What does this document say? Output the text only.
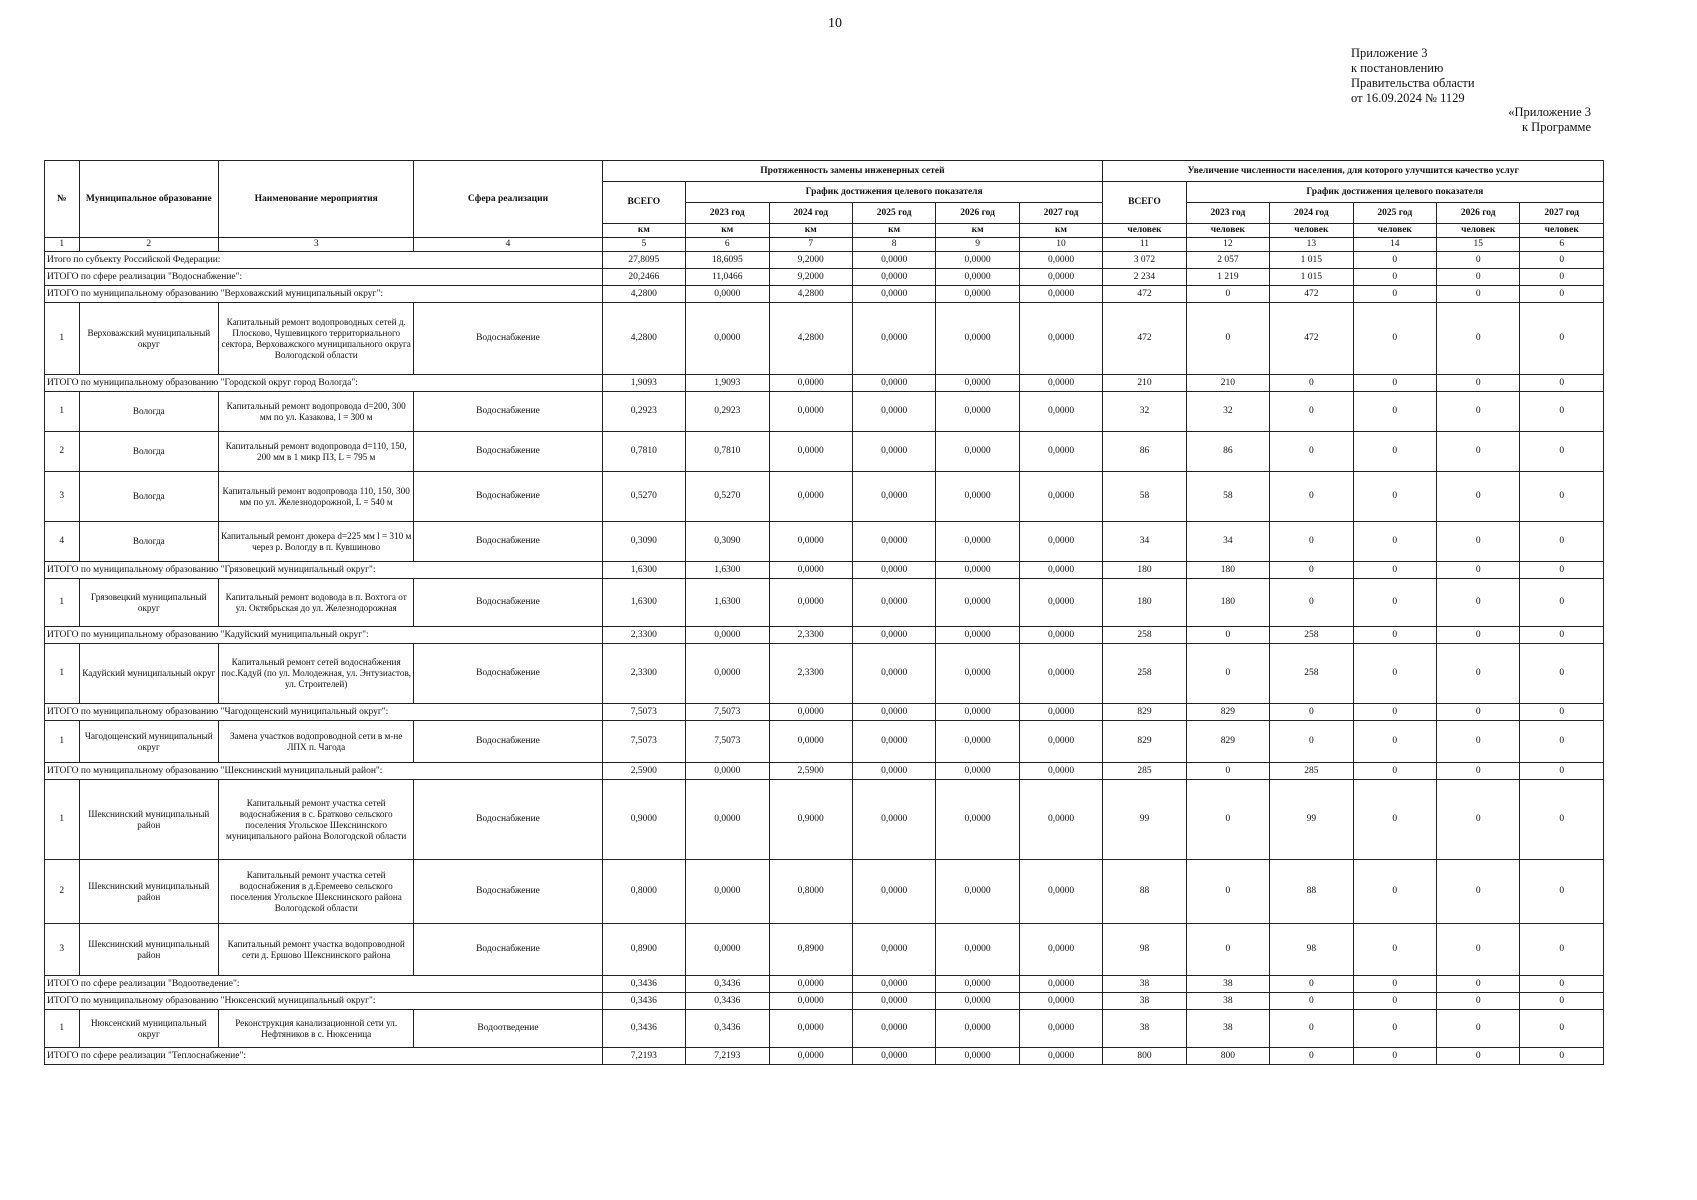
10
Приложение 3
к постановлению
Правительства области
от 16.09.2024 № 1129
«Приложение 3
к Программе
№	Муниципальное образование	Наименование мероприятия	Сфера реализации	Протяженность замены инженерных сетей						Увеличение численности населения, для которого улучшится качество услуг					
				ВСЕГО	График достижения целевого показателя					ВСЕГО	График достижения целевого показателя				
					2023 год	2024 год	2025 год	2026 год	2027 год		2023 год	2024 год	2025 год	2026 год	2027 год
				км	км	км	км	км	км	человек	человек	человек	человек	человек	человек
1	2	3	4	5	6	7	8	9	10	11	12	13	14	15	6
Итого по субъекту Российской Федерации:				27,8095	18,6095	9,2000	0,0000	0,0000	0,0000	3 072	2 057	1 015	0	0	0
ИТОГО по сфере реализации "Водоснабжение":				20,2466	11,0466	9,2000	0,0000	0,0000	0,0000	2 234	1 219	1 015	0	0	0
ИТОГО по муниципальному образованию "Верховажский муниципальный округ":				4,2800	0,0000	4,2800	0,0000	0,0000	0,0000	472	0	472	0	0	0
1	Верховажский муниципальный округ	Капитальный ремонт водопроводных сетей д. Плосково, Чушевицкого территориального сектора, Верховажского муниципального округа Вологодской области	Водоснабжение	4,2800	0,0000	4,2800	0,0000	0,0000	0,0000	472	0	472	0	0	0
ИТОГО по муниципальному образованию "Городской округ город Вологда":				1,9093	1,9093	0,0000	0,0000	0,0000	0,0000	210	210	0	0	0	0
1	Вологда	Капитальный ремонт водопровода d=200, 300 мм по ул. Казакова, l = 300 м	Водоснабжение	0,2923	0,2923	0,0000	0,0000	0,0000	0,0000	32	32	0	0	0	0
2	Вологда	Капитальный ремонт водопровода d=110, 150, 200 мм в 1 микр ПЗ, L = 795 м	Водоснабжение	0,7810	0,7810	0,0000	0,0000	0,0000	0,0000	86	86	0	0	0	0
3	Вологда	Капитальный ремонт водопровода 110, 150, 300 мм по ул. Железнодорожной, L = 540 м	Водоснабжение	0,5270	0,5270	0,0000	0,0000	0,0000	0,0000	58	58	0	0	0	0
4	Вологда	Капитальный ремонт дюкера d=225 мм l = 310 м через р. Вологду в п. Кувшиново	Водоснабжение	0,3090	0,3090	0,0000	0,0000	0,0000	0,0000	34	34	0	0	0	0
ИТОГО по муниципальному образованию "Грязовецкий муниципальный округ":				1,6300	1,6300	0,0000	0,0000	0,0000	0,0000	180	180	0	0	0	0
1	Грязовецкий муниципальный округ	Капитальный ремонт водовода в п. Вохтога от ул. Октябрьская до ул. Железнодорожная	Водоснабжение	1,6300	1,6300	0,0000	0,0000	0,0000	0,0000	180	180	0	0	0	0
ИТОГО по муниципальному образованию "Кадуйский муниципальный округ":				2,3300	0,0000	2,3300	0,0000	0,0000	0,0000	258	0	258	0	0	0
1	Кадуйский муниципальный округ	Капитальный ремонт сетей водоснабжения пос.Кадуй (по ул. Молодежная, ул. Энтузиастов, ул. Строителей)	Водоснабжение	2,3300	0,0000	2,3300	0,0000	0,0000	0,0000	258	0	258	0	0	0
ИТОГО по муниципальному образованию "Чагодощенский муниципальный округ":				7,5073	7,5073	0,0000	0,0000	0,0000	0,0000	829	829	0	0	0	0
1	Чагодощенский муниципальный округ	Замена участков водопроводной сети в м-не ЛПХ п. Чагода	Водоснабжение	7,5073	7,5073	0,0000	0,0000	0,0000	0,0000	829	829	0	0	0	0
ИТОГО по муниципальному образованию "Шекснинский муниципальный район":				2,5900	0,0000	2,5900	0,0000	0,0000	0,0000	285	0	285	0	0	0
1	Шекснинский муниципальный район	Капитальный ремонт участка сетей водоснабжения в с. Братково сельского поселения Угольское Шекснинского муниципального района Вологодской области	Водоснабжение	0,9000	0,0000	0,9000	0,0000	0,0000	0,0000	99	0	99	0	0	0
2	Шекснинский муниципальный район	Капитальный ремонт участка сетей водоснабжения в д.Еремеево сельского поселения Угольское Шекснинского района Вологодской области	Водоснабжение	0,8000	0,0000	0,8000	0,0000	0,0000	0,0000	88	0	88	0	0	0
3	Шекснинский муниципальный район	Капитальный ремонт участка водопроводной сети д. Ершово Шекснинского района	Водоснабжение	0,8900	0,0000	0,8900	0,0000	0,0000	0,0000	98	0	98	0	0	0
ИТОГО по сфере реализации "Водоотведение":				0,3436	0,3436	0,0000	0,0000	0,0000	0,0000	38	38	0	0	0	0
ИТОГО по муниципальному образованию "Нюксенский муниципальный округ":				0,3436	0,3436	0,0000	0,0000	0,0000	0,0000	38	38	0	0	0	0
1	Нюксенский муниципальный округ	Реконструкция канализационной сети ул. Нефтяников в с. Нюксеница	Водоотведение	0,3436	0,3436	0,0000	0,0000	0,0000	0,0000	38	38	0	0	0	0
ИТОГО по сфере реализации "Теплоснабжение":				7,2193	7,2193	0,0000	0,0000	0,0000	0,0000	800	800	0	0	0	0
